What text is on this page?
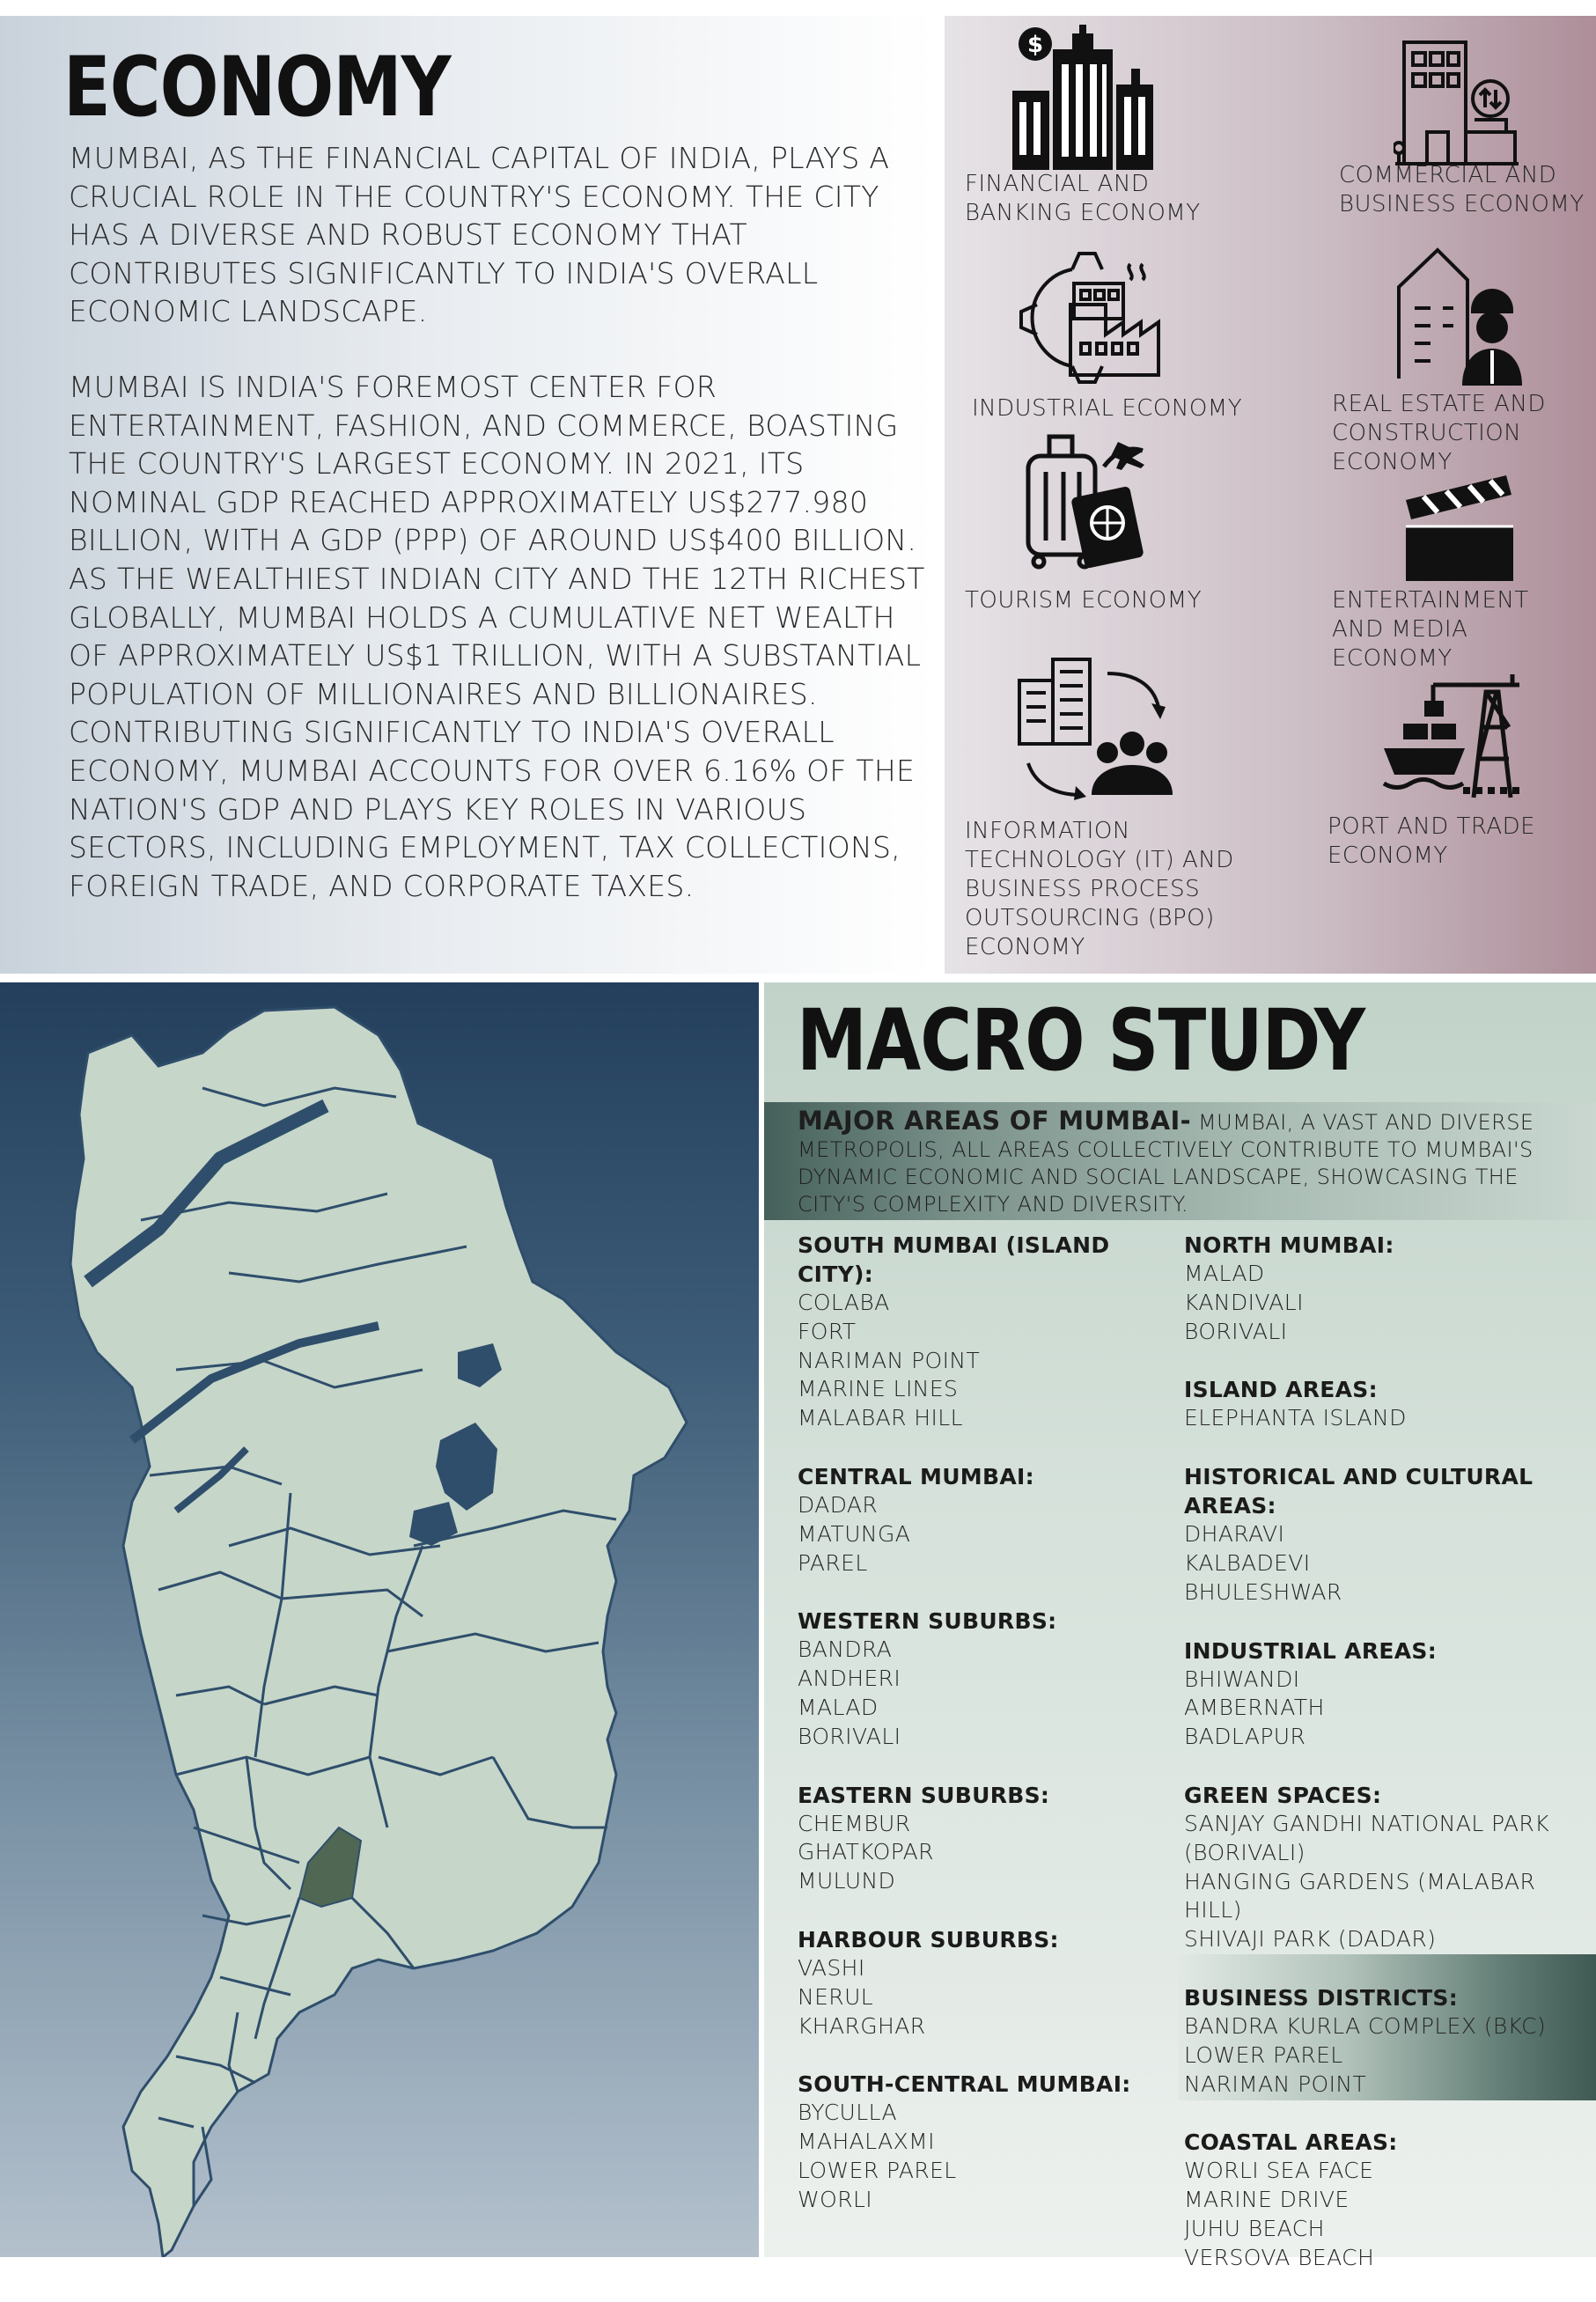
ECONOMY

MUMBAI, AS THE FINANCIAL CAPITAL OF INDIA, PLAYS A CRUCIAL ROLE IN THE COUNTRY'S ECONOMY. THE CITY HAS A DIVERSE AND ROBUST ECONOMY THAT CONTRIBUTES SIGNIFICANTLY TO INDIA'S OVERALL ECONOMIC LANDSCAPE.

MUMBAI IS INDIA'S FOREMOST CENTER FOR ENTERTAINMENT, FASHION, AND COMMERCE, BOASTING THE COUNTRY'S LARGEST ECONOMY. IN 2021, ITS NOMINAL GDP REACHED APPROXIMATELY US$277.980 BILLION, WITH A GDP (PPP) OF AROUND US$400 BILLION. AS THE WEALTHIEST INDIAN CITY AND THE 12TH RICHEST GLOBALLY, MUMBAI HOLDS A CUMULATIVE NET WEALTH OF APPROXIMATELY US$1 TRILLION, WITH A SUBSTANTIAL POPULATION OF MILLIONAIRES AND BILLIONAIRES. CONTRIBUTING SIGNIFICANTLY TO INDIA'S OVERALL ECONOMY, MUMBAI ACCOUNTS FOR OVER 6.16% OF THE NATION'S GDP AND PLAYS KEY ROLES IN VARIOUS SECTORS, INCLUDING EMPLOYMENT, TAX COLLECTIONS, FOREIGN TRADE, AND CORPORATE TAXES.

$
FINANCIAL AND BANKING ECONOMY
COMMERCIAL AND BUSINESS ECONOMY
INDUSTRIAL ECONOMY	REAL ESTATE AND CONSTRUCTION ECONOMY
TOURISM ECONOMY	ENTERTAINMENT AND MEDIA ECONOMY
INFORMATION TECHNOLOGY (IT) AND BUSINESS PROCESS OUTSOURCING (BPO) ECONOMY
PORT AND TRADE ECONOMY
MACRO STUDY

MAJOR AREAS OF MUMBAI- MUMBAI, A VAST AND DIVERSE METROPOLIS, ALL AREAS COLLECTIVELY CONTRIBUTE TO MUMBAI'S DYNAMIC ECONOMIC AND SOCIAL LANDSCAPE, SHOWCASING THE CITY'S COMPLEXITY AND DIVERSITY.

SOUTH MUMBAI (ISLAND CITY):
COLABA
FORT
NARIMAN POINT
MARINE LINES
MALABAR HILL
CENTRAL MUMBAI:
DADAR
MATUNGA
PAREL
WESTERN SUBURBS:
BANDRA
ANDHERI
MALAD
BORIVALI
EASTERN SUBURBS:
CHEMBUR
GHATKOPAR
MULUND
HARBOUR SUBURBS:
VASHI
NERUL
KHARGHAR
SOUTH-CENTRAL MUMBAI:
BYCULLA
MAHALAXMI
LOWER PAREL
WORLI
NORTH MUMBAI:
MALAD
KANDIVALI
BORIVALI
ISLAND AREAS:
ELEPHANTA ISLAND
HISTORICAL AND CULTURAL AREAS:
DHARAVI
KALBADEVI
BHULESHWAR
INDUSTRIAL AREAS:
BHIWANDI
AMBERNATH
BADLAPUR
GREEN SPACES:
SANJAY GANDHI NATIONAL PARK (BORIVALI)
HANGING GARDENS (MALABAR HILL)
SHIVAJI PARK (DADAR)
BUSINESS DISTRICTS:
BANDRA KURLA COMPLEX (BKC)
LOWER PAREL
NARIMAN POINT
COASTAL AREAS:
WORLI SEA FACE
MARINE DRIVE
JUHU BEACH
VERSOVA BEACH
